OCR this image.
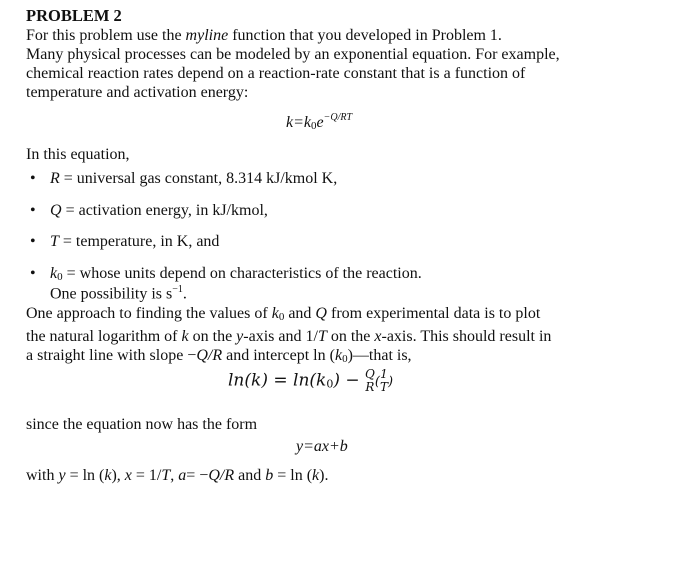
PROBLEM 2

For this problem use the myline function that you developed in Problem 1.

Many physical processes can be modeled by an exponential equation. For example,

chemical reaction rates depend on a reaction-rate constant that is a function of

temperature and activation energy:

$k=k0e^{-Q/RT}$
In this equation,
• R = universal gas constant, 8.314 kJ/kmol K,
• Q = activation energy, in kJ/kmol,
• T = temperature, in K, and
• k0 = whose units depend on characteristics of the reaction.
One possibility is $s^{-1}$.
One approach to finding the values of k0 and Q from experimental data is to plot
the natural logarithm of k on the y-axis and 1/T on the x-axis. This should result in
a straight line with slope −Q/R and intercept ln (k0)—that is,
ln(k) = ln(k0) − Q
R (
1
T )
since the equation now has the form
y=ax+b
with y = ln (k), x = 1/T, a= −Q/R and b = ln (k).
